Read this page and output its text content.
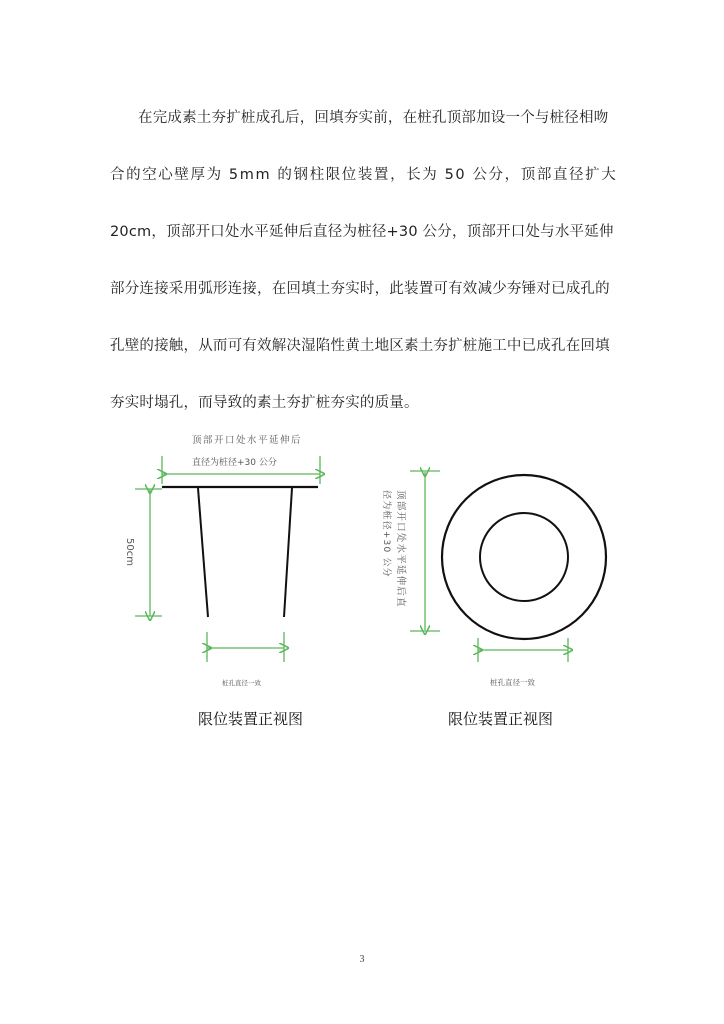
在完成素土夯扩桩成孔后，回填夯实前，在桩孔顶部加设一个与桩径相吻
合的空心壁厚为 5mm 的钢柱限位装置，长为 50 公分，顶部直径扩大
20cm，顶部开口处水平延伸后直径为桩径+30 公分，顶部开口处与水平延伸
部分连接采用弧形连接，在回填土夯实时，此装置可有效减少夯锤对已成孔的
孔壁的接触，从而可有效解决湿陷性黄土地区素土夯扩桩施工中已成孔在回填
夯实时塌孔，而导致的素土夯扩桩夯实的质量。
顶部开口处水平延伸后
直径为桩径+30 公分
50cm
桩孔直径一致
顶部开口处水平延伸后直
径为桩径+30 公分
桩孔直径一致
限位装置正视图	限位装置正视图
3
